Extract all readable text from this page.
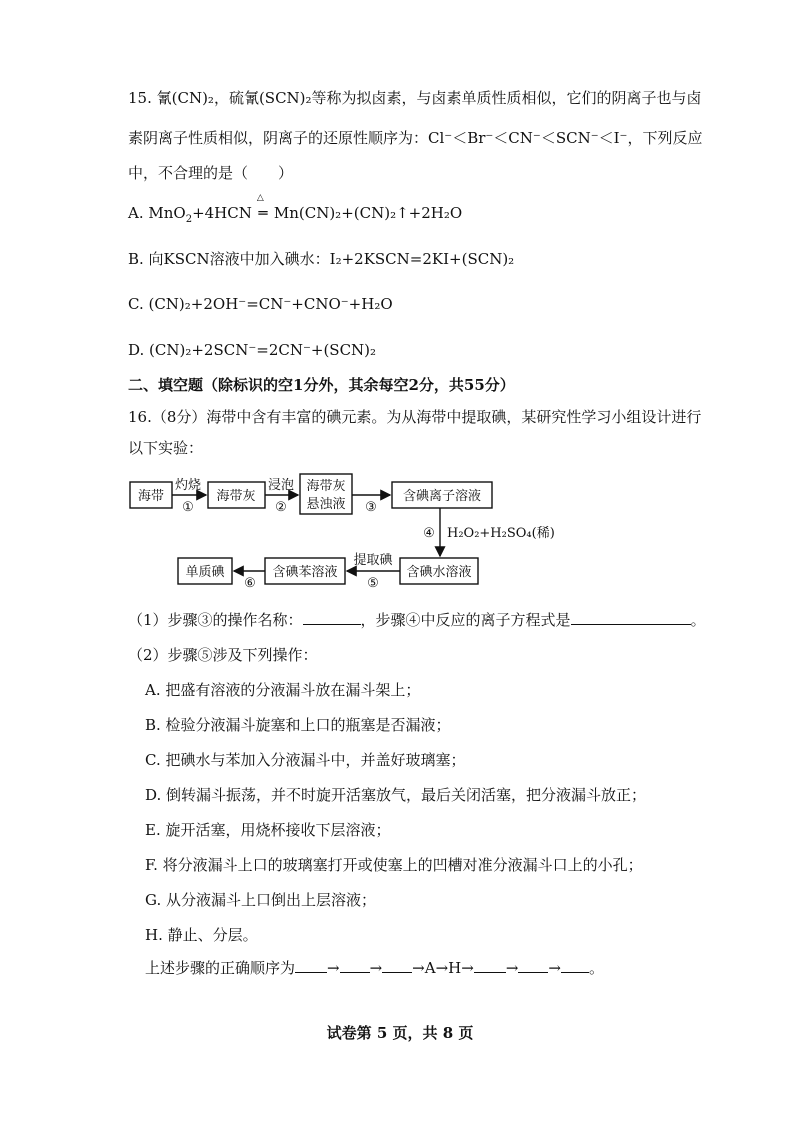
15. 氰(CN)₂，硫氰(SCN)₂等称为拟卤素，与卤素单质性质相似，它们的阴离子也与卤
素阴离子性质相似，阴离子的还原性顺序为：Cl⁻＜Br⁻＜CN⁻＜SCN⁻＜I⁻，下列反应
中，不合理的是（　　）
A. MnO$_2$+4HCN
△
═ Mn(CN)₂+(CN)₂↑+2H₂O
B. 向KSCN溶液中加入碘水：I₂+2KSCN=2KI+(SCN)₂
C. (CN)₂+2OH⁻=CN⁻+CNO⁻+H₂O
D. (CN)₂+2SCN⁻=2CN⁻+(SCN)₂
二、填空题（除标识的空1分外，其余每空2分，共55分）
16.（8分）海带中含有丰富的碘元素。为从海带中提取碘，某研究性学习小组设计进行
以下实验：
海带	海带灰
海带灰
悬浊液
含碘离子溶液
含碘水溶液
含碘苯溶液
单质碘
灼烧
①
浸泡
②	③
④ H₂O₂+H₂SO₄(稀)
提取碘
⑤
⑥
（1）步骤③的操作名称：	，步骤④中反应的离子方程式是	。
（2）步骤⑤涉及下列操作：
A. 把盛有溶液的分液漏斗放在漏斗架上；
B. 检验分液漏斗旋塞和上口的瓶塞是否漏液；
C. 把碘水与苯加入分液漏斗中，并盖好玻璃塞；
D. 倒转漏斗振荡，并不时旋开活塞放气，最后关闭活塞，把分液漏斗放正；
E. 旋开活塞，用烧杯接收下层溶液；
F. 将分液漏斗上口的玻璃塞打开或使塞上的凹槽对准分液漏斗口上的小孔；
G. 从分液漏斗上口倒出上层溶液；
H. 静止、分层。
上述步骤的正确顺序为 → → →A→H→ → → 。
试卷第 5 页，共 8 页
